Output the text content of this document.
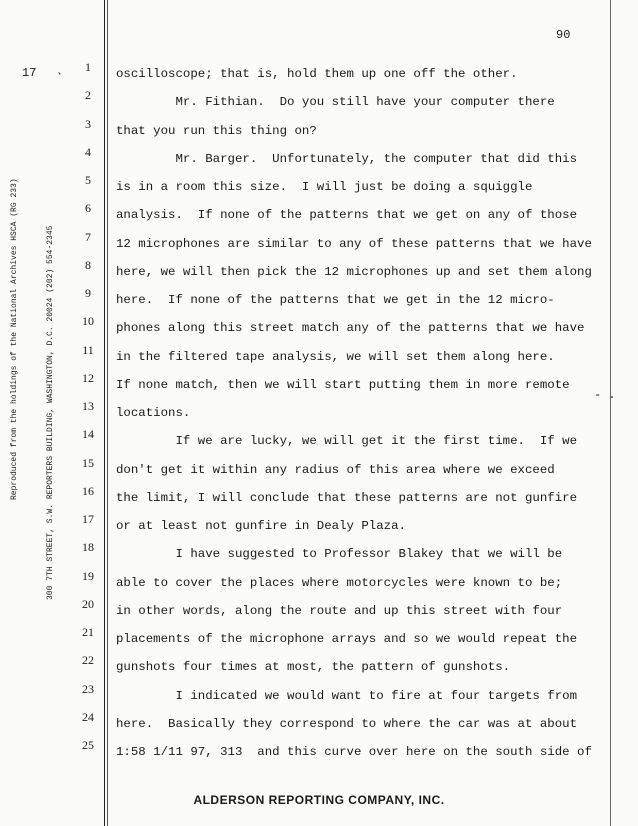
90
17 ʻ
Reproduced from the holdings of the National Archives HSCA (RG 233)	300 7TH STREET, S.W. REPORTERS BUILDING, WASHINGTON, D.C. 20024 (202) 554-2345
1
2
3
4
5
6
7
8
9
10
11
12
13
14
15
16
17
18
19
20
21
22
23
24
25
oscilloscope; that is, hold them up one off the other.
Mr. Fithian.  Do you still have your computer there
that you run this thing on?
Mr. Barger.  Unfortunately, the computer that did this
is in a room this size.  I will just be doing a squiggle
analysis.  If none of the patterns that we get on any of those
12 microphones are similar to any of these patterns that we have
here, we will then pick the 12 microphones up and set them along
here.  If none of the patterns that we get in the 12 micro-
phones along this street match any of the patterns that we have
in the filtered tape analysis, we will set them along here.
If none match, then we will start putting them in more remote
locations.
If we are lucky, we will get it the first time.  If we
don't get it within any radius of this area where we exceed
the limit, I will conclude that these patterns are not gunfire
or at least not gunfire in Dealy Plaza.
I have suggested to Professor Blakey that we will be
able to cover the places where motorcycles were known to be;
in other words, along the route and up this street with four
placements of the microphone arrays and so we would repeat the
gunshots four times at most, the pattern of gunshots.
I indicated we would want to fire at four targets from
here.  Basically they correspond to where the car was at about
1:58 1/11 97, 313  and this curve over here on the south side of
- .
ALDERSON REPORTING COMPANY, INC.
